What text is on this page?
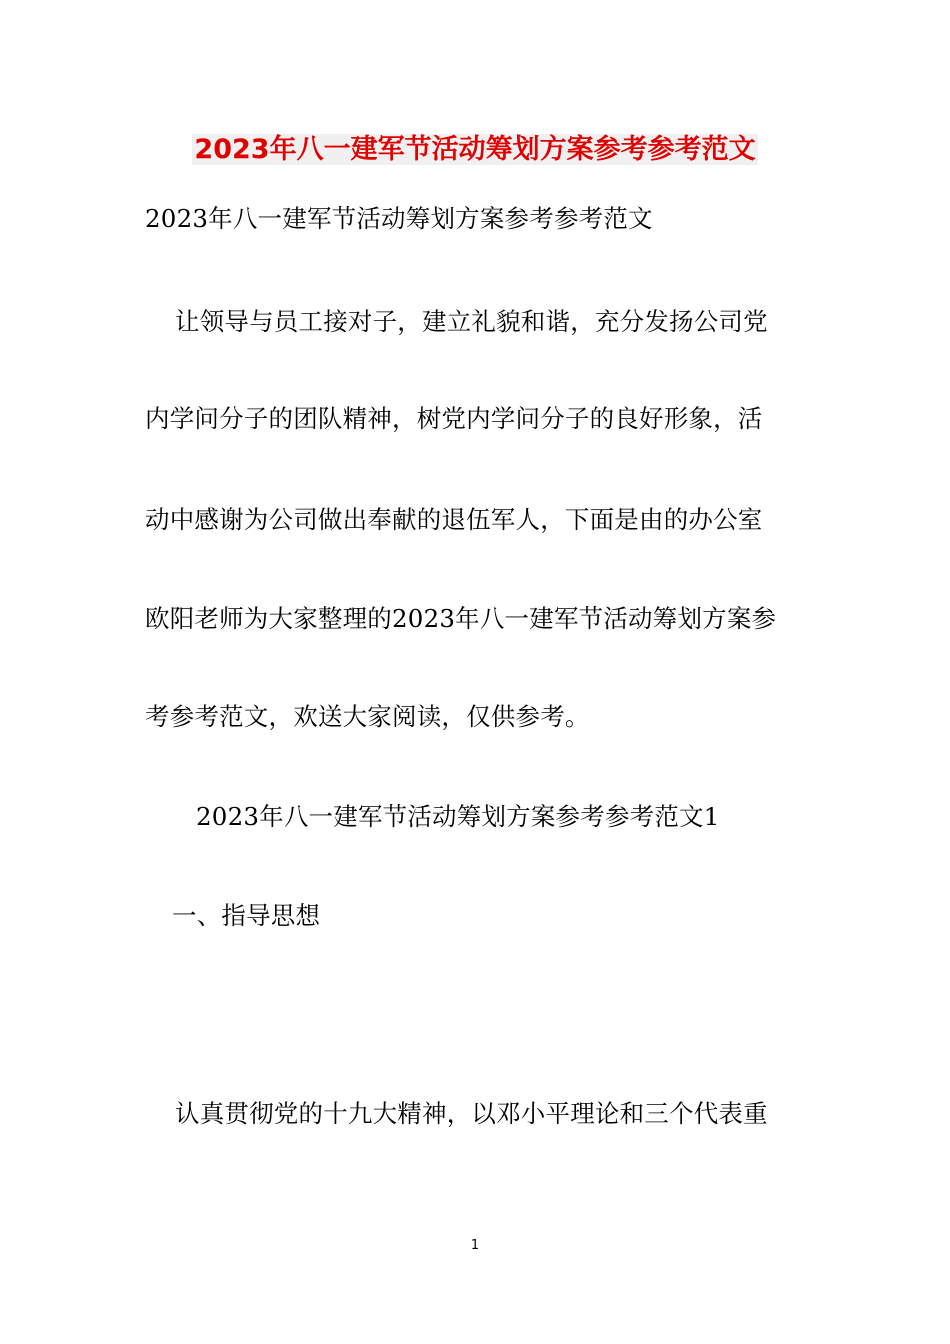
2023年八一建军节活动筹划方案参考参考范文
2023年八一建军节活动筹划方案参考参考范文
让领导与员工接对子，建立礼貌和谐，充分发扬公司党
内学问分子的团队精神，树党内学问分子的良好形象，活
动中感谢为公司做出奉献的退伍军人，下面是由的办公室
欧阳老师为大家整理的2023年八一建军节活动筹划方案参
考参考范文，欢送大家阅读，仅供参考。
2023年八一建军节活动筹划方案参考参考范文1
一、指导思想
认真贯彻党的十九大精神，以邓小平理论和三个代表重
1
